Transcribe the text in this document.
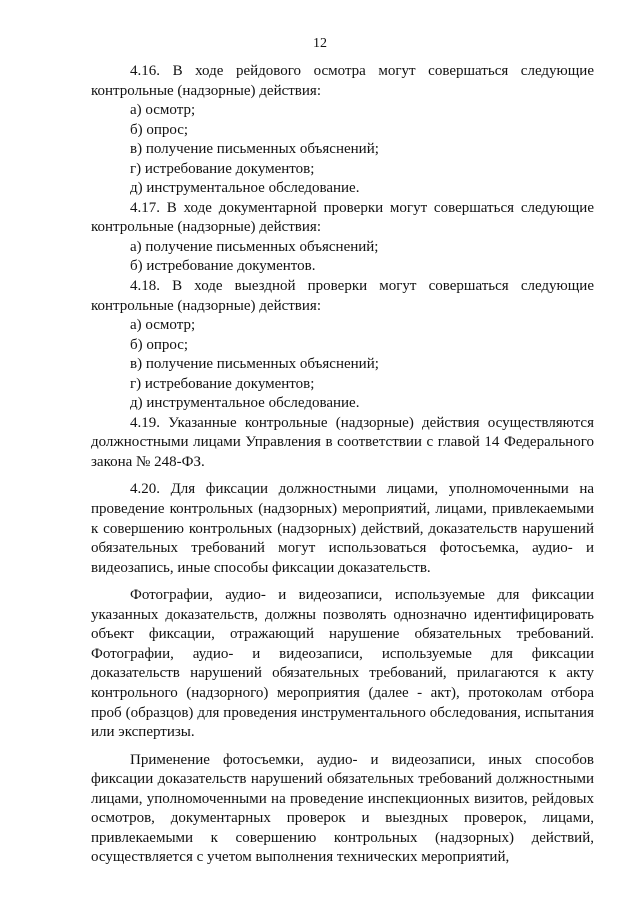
12

4.16. В ходе рейдового осмотра могут совершаться следующие контрольные (надзорные) действия:

а) осмотр;
б) опрос;
в) получение письменных объяснений;
г) истребование документов;
д) инструментальное обследование.

4.17. В ходе документарной проверки могут совершаться следующие контрольные (надзорные) действия:

а) получение письменных объяснений;
б) истребование документов.

4.18. В ходе выездной проверки могут совершаться следующие контрольные (надзорные) действия:

а) осмотр;
б) опрос;
в) получение письменных объяснений;
г) истребование документов;
д) инструментальное обследование.

4.19. Указанные контрольные (надзорные) действия осуществляются должностными лицами Управления в соответствии с главой 14 Федерального закона № 248-ФЗ.

4.20. Для фиксации должностными лицами, уполномоченными на проведение контрольных (надзорных) мероприятий, лицами, привлекаемыми к совершению контрольных (надзорных) действий, доказательств нарушений обязательных требований могут использоваться фотосъемка, аудио- и видеозапись, иные способы фиксации доказательств.

Фотографии, аудио- и видеозаписи, используемые для фиксации указанных доказательств, должны позволять однозначно идентифицировать объект фиксации, отражающий нарушение обязательных требований. Фотографии, аудио- и видеозаписи, используемые для фиксации доказательств нарушений обязательных требований, прилагаются к акту контрольного (надзорного) мероприятия (далее - акт), протоколам отбора проб (образцов) для проведения инструментального обследования, испытания или экспертизы.

Применение фотосъемки, аудио- и видеозаписи, иных способов фиксации доказательств нарушений обязательных требований должностными лицами, уполномоченными на проведение инспекционных визитов, рейдовых осмотров, документарных проверок и выездных проверок, лицами, привлекаемыми к совершению контрольных (надзорных) действий, осуществляется с учетом выполнения технических мероприятий,
